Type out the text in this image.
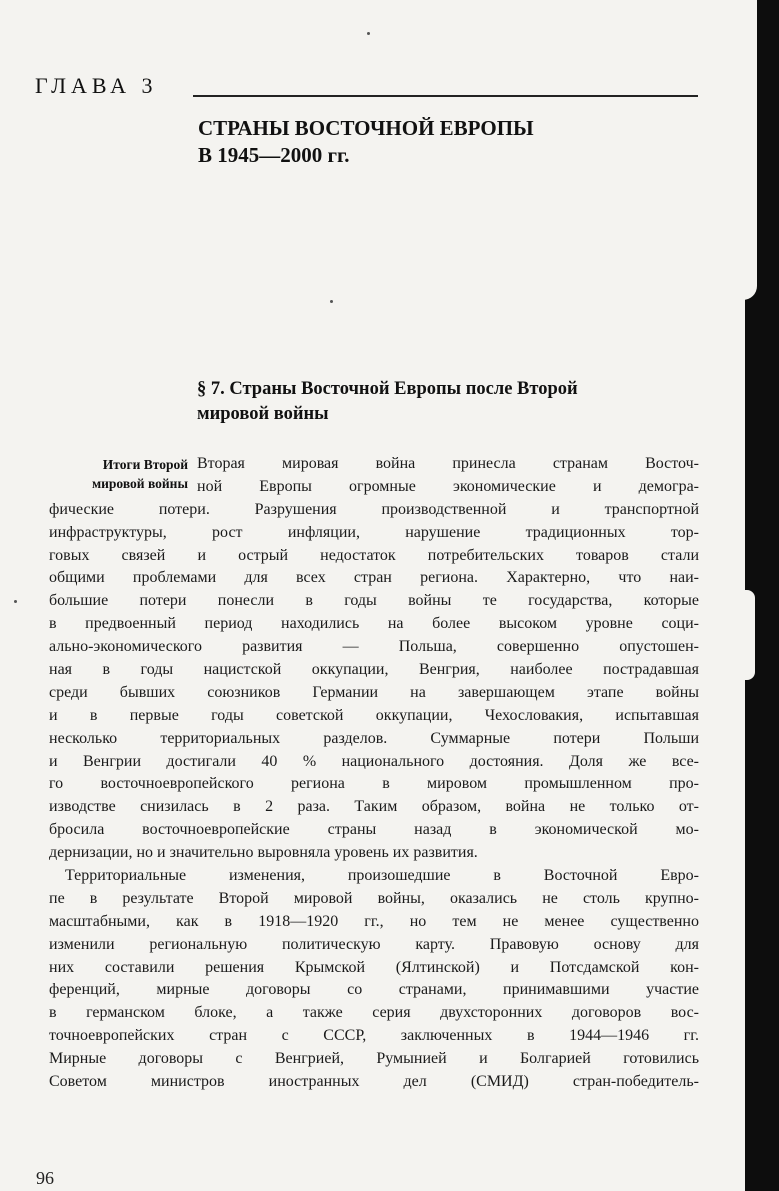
ГЛАВА 3
СТРАНЫ ВОСТОЧНОЙ ЕВРОПЫ
В 1945—2000 гг.
§ 7. Страны Восточной Европы после Второй
мировой войны
Итоги Второй
мировой войны
Вторая мировая война принесла странам Восточ-
ной Европы огромные экономические и демогра-
фические потери. Разрушения производственной и транспортной
инфраструктуры, рост инфляции, нарушение традиционных тор-
говых связей и острый недостаток потребительских товаров стали
общими проблемами для всех стран региона. Характерно, что наи-
большие потери понесли в годы войны те государства, которые
в предвоенный период находились на более высоком уровне соци-
ально-экономического развития — Польша, совершенно опустошен-
ная в годы нацистской оккупации, Венгрия, наиболее пострадавшая
среди бывших союзников Германии на завершающем этапе войны
и в первые годы советской оккупации, Чехословакия, испытавшая
несколько территориальных разделов. Суммарные потери Польши
и Венгрии достигали 40 % национального достояния. Доля же все-
го восточноевропейского региона в мировом промышленном про-
изводстве снизилась в 2 раза. Таким образом, война не только от-
бросила восточноевропейские страны назад в экономической мо-
дернизации, но и значительно выровняла уровень их развития.
Территориальные изменения, произошедшие в Восточной Евро-
пе в результате Второй мировой войны, оказались не столь крупно-
масштабными, как в 1918—1920 гг., но тем не менее существенно
изменили региональную политическую карту. Правовую основу для
них составили решения Крымской (Ялтинской) и Потсдамской кон-
ференций, мирные договоры со странами, принимавшими участие
в германском блоке, а также серия двухсторонних договоров вос-
точноевропейских стран с СССР, заключенных в 1944—1946 гг.
Мирные договоры с Венгрией, Румынией и Болгарией готовились
Советом министров иностранных дел (СМИД) стран-победитель-
96
